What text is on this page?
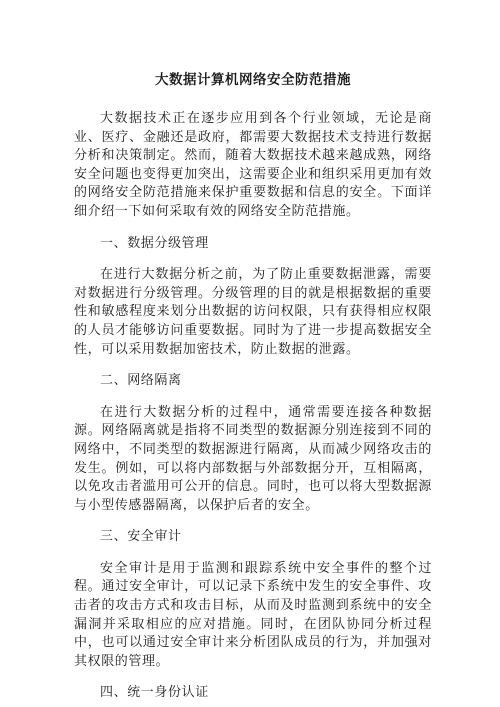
大数据计算机网络安全防范措施

大数据技术正在逐步应用到各个行业领域，无论是商业、医疗、金融还是政府，都需要大数据技术支持进行数据分析和决策制定。然而，随着大数据技术越来越成熟，网络安全问题也变得更加突出，这需要企业和组织采用更加有效的网络安全防范措施来保护重要数据和信息的安全。下面详细介绍一下如何采取有效的网络安全防范措施。

一、数据分级管理

在进行大数据分析之前，为了防止重要数据泄露，需要对数据进行分级管理。分级管理的目的就是根据数据的重要性和敏感程度来划分出数据的访问权限，只有获得相应权限的人员才能够访问重要数据。同时为了进一步提高数据安全性，可以采用数据加密技术，防止数据的泄露。

二、网络隔离

在进行大数据分析的过程中，通常需要连接各种数据源。网络隔离就是指将不同类型的数据源分别连接到不同的网络中，不同类型的数据源进行隔离，从而减少网络攻击的发生。例如，可以将内部数据与外部数据分开，互相隔离，以免攻击者滥用可公开的信息。同时，也可以将大型数据源与小型传感器隔离，以保护后者的安全。

三、安全审计

安全审计是用于监测和跟踪系统中安全事件的整个过程。通过安全审计，可以记录下系统中发生的安全事件、攻击者的攻击方式和攻击目标，从而及时监测到系统中的安全漏洞并采取相应的应对措施。同时，在团队协同分析过程中，也可以通过安全审计来分析团队成员的行为，并加强对其权限的管理。

四、统一身份认证
